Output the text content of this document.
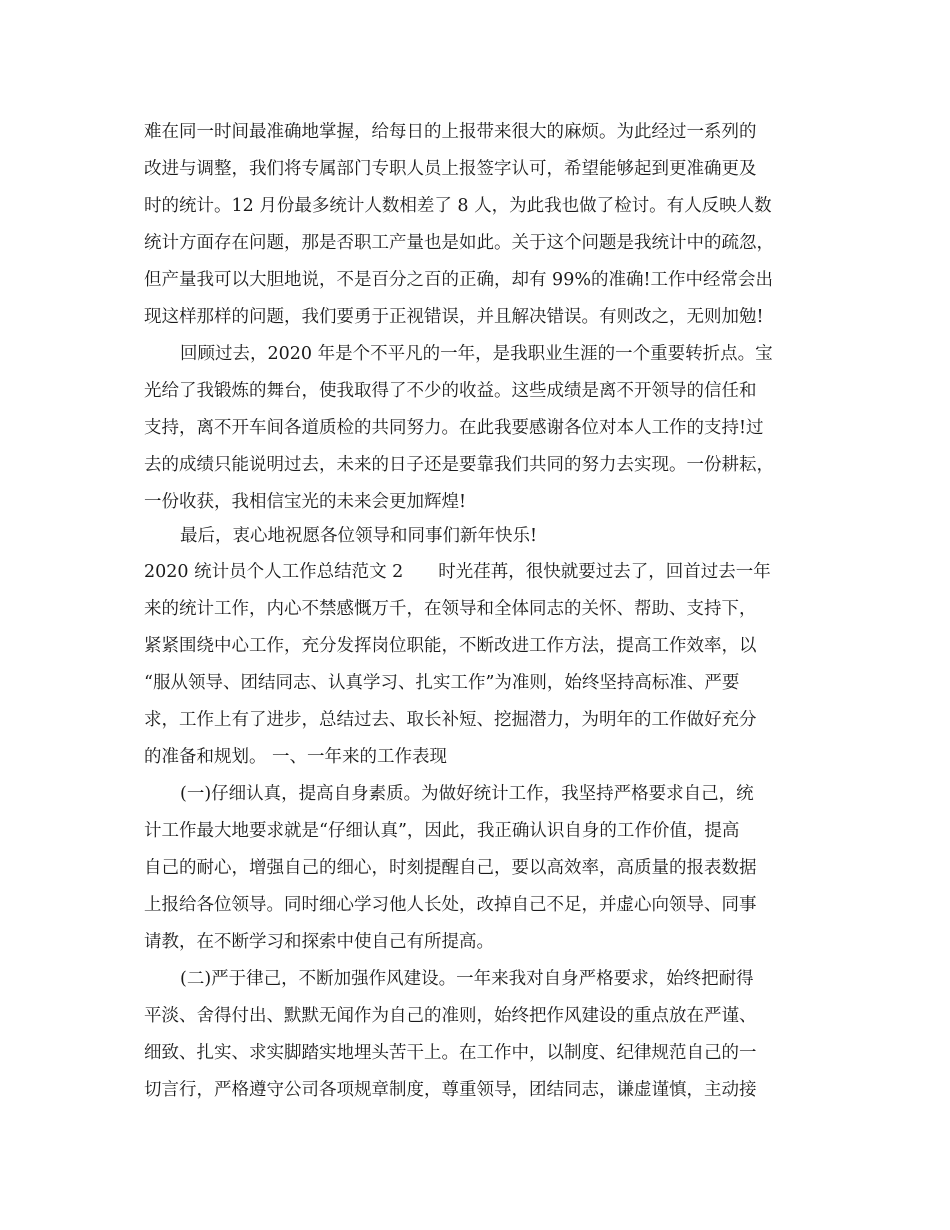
难在同一时间最准确地掌握，给每日的上报带来很大的麻烦。为此经过一系列的

改进与调整，我们将专属部门专职人员上报签字认可，希望能够起到更准确更及

时的统计。12 月份最多统计人数相差了 8 人，为此我也做了检讨。有人反映人数

统计方面存在问题，那是否职工产量也是如此。关于这个问题是我统计中的疏忽，

但产量我可以大胆地说，不是百分之百的正确，却有 99%的准确!工作中经常会出

现这样那样的问题，我们要勇于正视错误，并且解决错误。有则改之，无则加勉!

回顾过去，2020 年是个不平凡的一年，是我职业生涯的一个重要转折点。宝

光给了我锻炼的舞台，使我取得了不少的收益。这些成绩是离不开领导的信任和

支持，离不开车间各道质检的共同努力。在此我要感谢各位对本人工作的支持!过

去的成绩只能说明过去，未来的日子还是要靠我们共同的努力去实现。一份耕耘，

一份收获，我相信宝光的未来会更加辉煌!

最后，衷心地祝愿各位领导和同事们新年快乐!

2020 统计员个人工作总结范文 2　　时光荏苒，很快就要过去了，回首过去一年

来的统计工作，内心不禁感慨万千，在领导和全体同志的关怀、帮助、支持下，

紧紧围绕中心工作，充分发挥岗位职能，不断改进工作方法，提高工作效率，以

“服从领导、团结同志、认真学习、扎实工作”为准则，始终坚持高标准、严要

求，工作上有了进步，总结过去、取长补短、挖掘潜力，为明年的工作做好充分

的准备和规划。 一、一年来的工作表现

(一)仔细认真，提高自身素质。为做好统计工作，我坚持严格要求自己，统

计工作最大地要求就是“仔细认真”，因此，我正确认识自身的工作价值，提高

自己的耐心，增强自己的细心，时刻提醒自己，要以高效率，高质量的报表数据

上报给各位领导。同时细心学习他人长处，改掉自己不足，并虚心向领导、同事

请教，在不断学习和探索中使自己有所提高。

(二)严于律己，不断加强作风建设。一年来我对自身严格要求，始终把耐得

平淡、舍得付出、默默无闻作为自己的准则，始终把作风建设的重点放在严谨、

细致、扎实、求实脚踏实地埋头苦干上。在工作中，以制度、纪律规范自己的一

切言行，严格遵守公司各项规章制度，尊重领导，团结同志，谦虚谨慎，主动接
